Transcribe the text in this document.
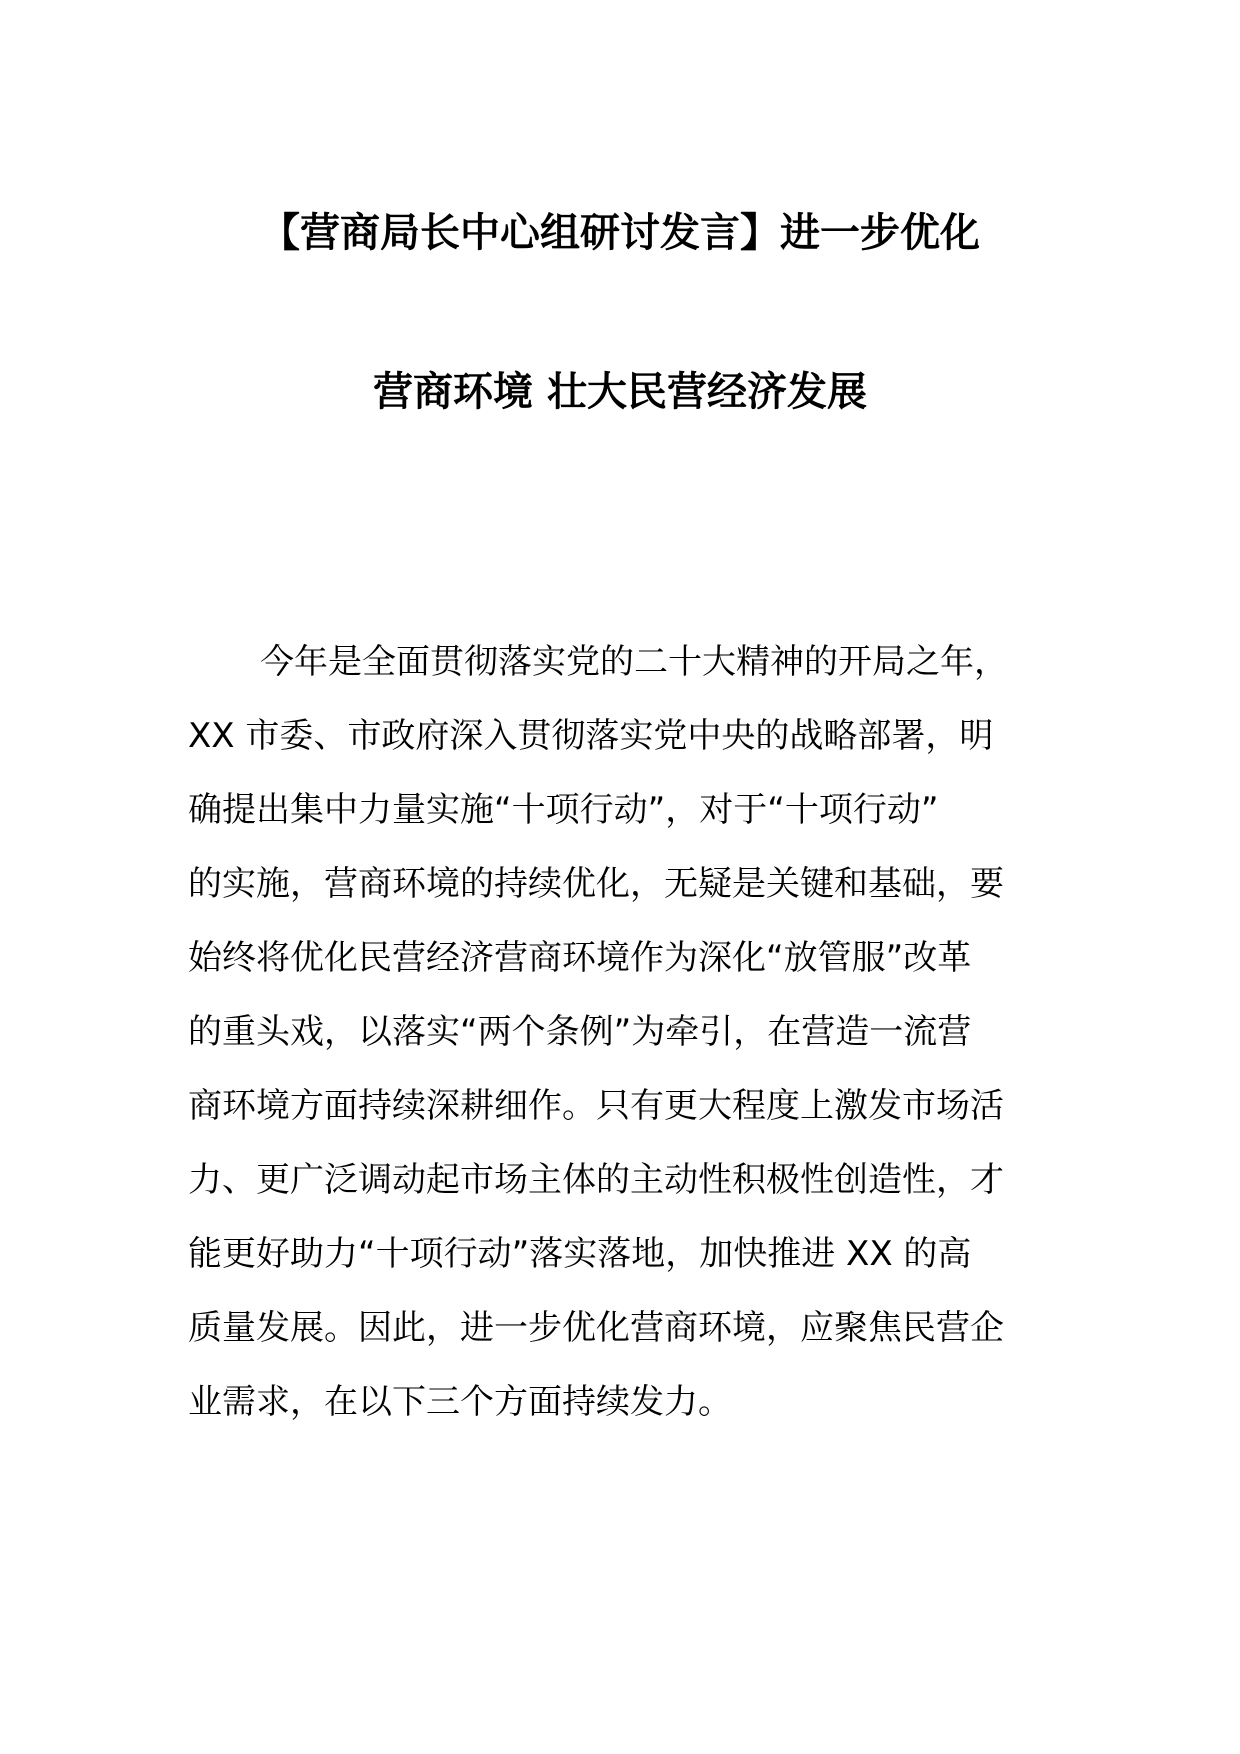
【营商局长中心组研讨发言】进一步优化
营商环境 壮大民营经济发展
今年是全面贯彻落实党的二十大精神的开局之年，
XX 市委、市政府深入贯彻落实党中央的战略部署，明
确提出集中力量实施“十项行动”，对于“十项行动”
的实施，营商环境的持续优化，无疑是关键和基础，要
始终将优化民营经济营商环境作为深化“放管服”改革
的重头戏，以落实“两个条例”为牵引，在营造一流营
商环境方面持续深耕细作。只有更大程度上激发市场活
力、更广泛调动起市场主体的主动性积极性创造性，才
能更好助力“十项行动”落实落地，加快推进 XX 的高
质量发展。因此，进一步优化营商环境，应聚焦民营企
业需求，在以下三个方面持续发力。
